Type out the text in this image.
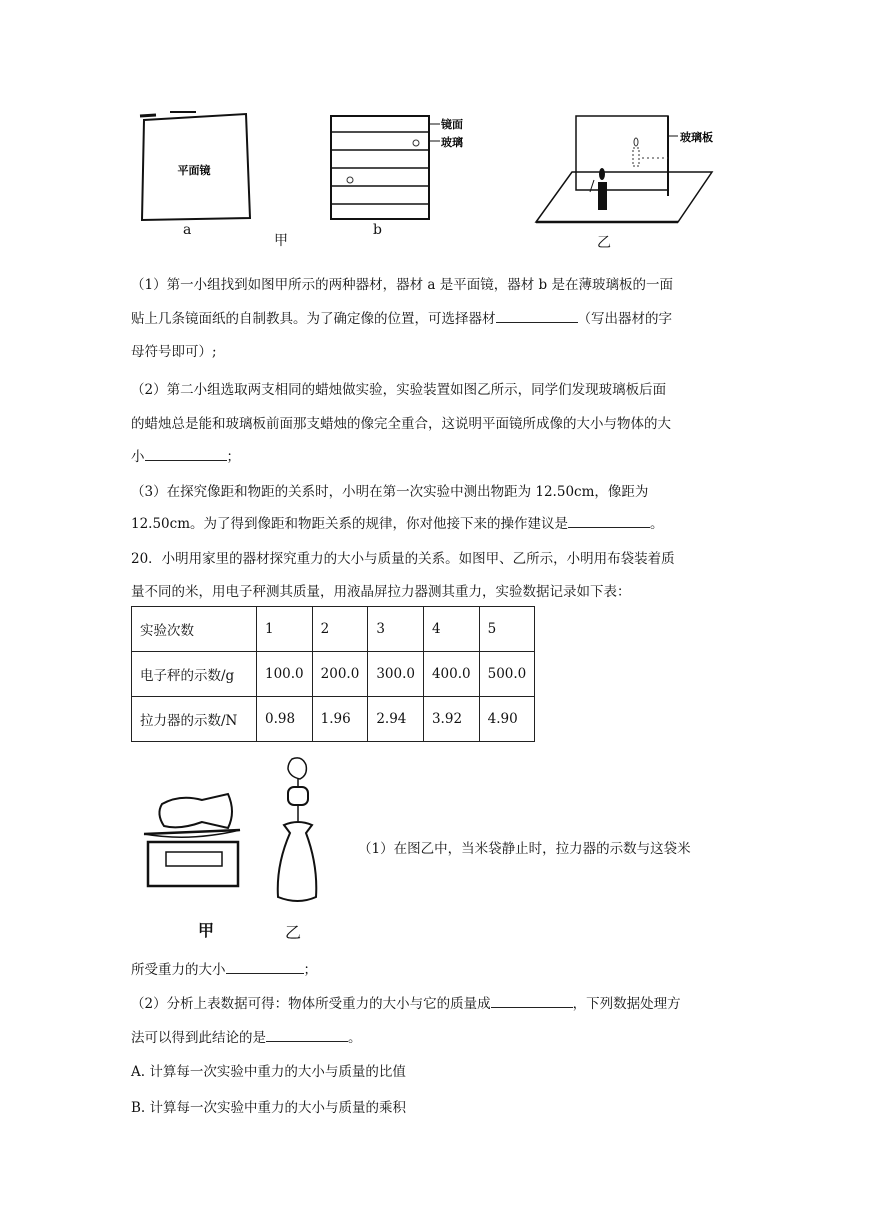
平面镜
a
甲
镜面
玻璃
b
玻璃板
乙
（1）第一小组找到如图甲所示的两种器材，器材 a 是平面镜，器材 b 是在薄玻璃板的一面
贴上几条镜面纸的自制教具。为了确定像的位置，可选择器材	（写出器材的字
母符号即可）;
（2）第二小组选取两支相同的蜡烛做实验，实验装置如图乙所示，同学们发现玻璃板后面
的蜡烛总是能和玻璃板前面那支蜡烛的像完全重合，这说明平面镜所成像的大小与物体的大
小	；
（3）在探究像距和物距的关系时，小明在第一次实验中测出物距为 12.50cm，像距为
12.50cm。为了得到像距和物距关系的规律，你对他接下来的操作建议是	。
20．小明用家里的器材探究重力的大小与质量的关系。如图甲、乙所示，小明用布袋装着质
量不同的米，用电子秤测其质量，用液晶屏拉力器测其重力，实验数据记录如下表：
实验次数	1	2	3	4	5
电子秤的示数/g	100.0	200.0	300.0	400.0	500.0
拉力器的示数/N	0.98	1.96	2.94	3.92	4.90
甲	乙
（1）在图乙中，当米袋静止时，拉力器的示数与这袋米
所受重力的大小	；
（2）分析上表数据可得：物体所受重力的大小与它的质量成	，下列数据处理方
法可以得到此结论的是	。
A. 计算每一次实验中重力的大小与质量的比值
B. 计算每一次实验中重力的大小与质量的乘积
